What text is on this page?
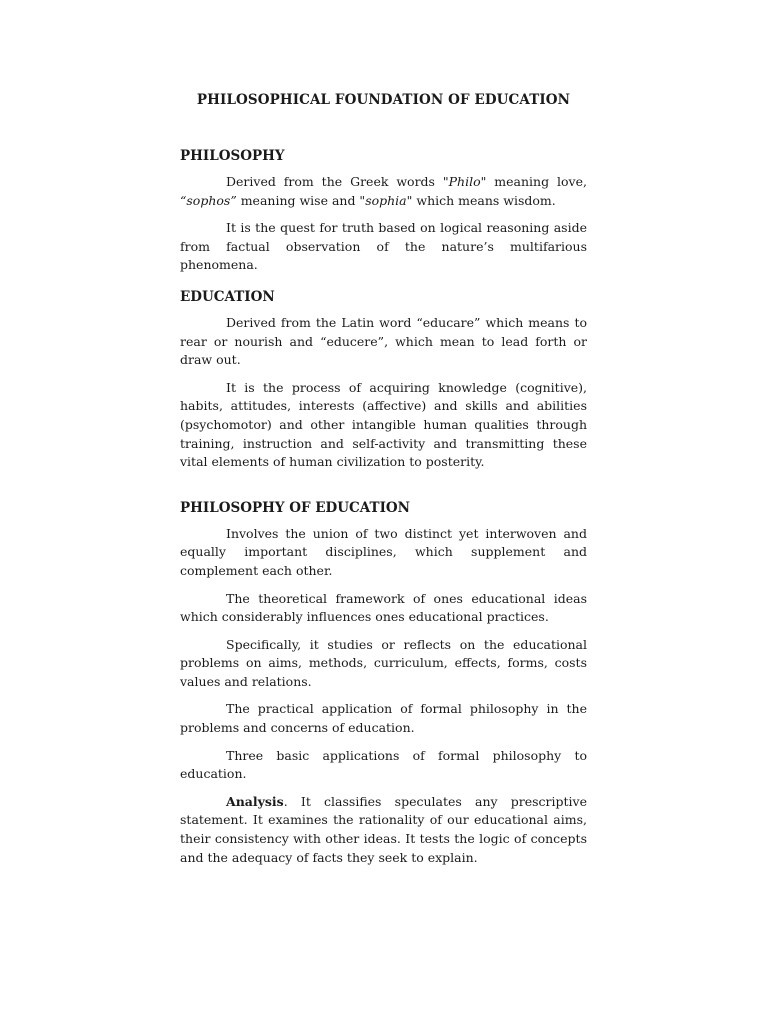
PHILOSOPHICAL FOUNDATION OF EDUCATION
PHILOSOPHY

Derived from the Greek words "Philo" meaning love, “sophos” meaning wise and "sophia" which means wisdom.

It is the quest for truth based on logical reasoning aside from factual observation of the nature’s multifarious phenomena.

EDUCATION

Derived from the Latin word “educare” which means to rear or nourish and “educere”, which mean to lead forth or draw out.

It is the process of acquiring knowledge (cognitive), habits, attitudes, interests (affective) and skills and abilities (psychomotor) and other intangible human qualities through training, instruction and self-activity and transmitting these vital elements of human civilization to posterity.

PHILOSOPHY OF EDUCATION

Involves the union of two distinct yet interwoven and equally important disciplines, which supplement and complement each other.

The theoretical framework of ones educational ideas which considerably influences ones educational practices.

Specifically, it studies or reflects on the educational problems on aims, methods, curriculum, effects, forms, costs values and relations.

The practical application of formal philosophy in the problems and concerns of education.

Three basic applications of formal philosophy to education.

Analysis. It classifies speculates any prescriptive statement. It examines the rationality of our educational aims, their consistency with other ideas. It tests the logic of concepts and the adequacy of facts they seek to explain.
